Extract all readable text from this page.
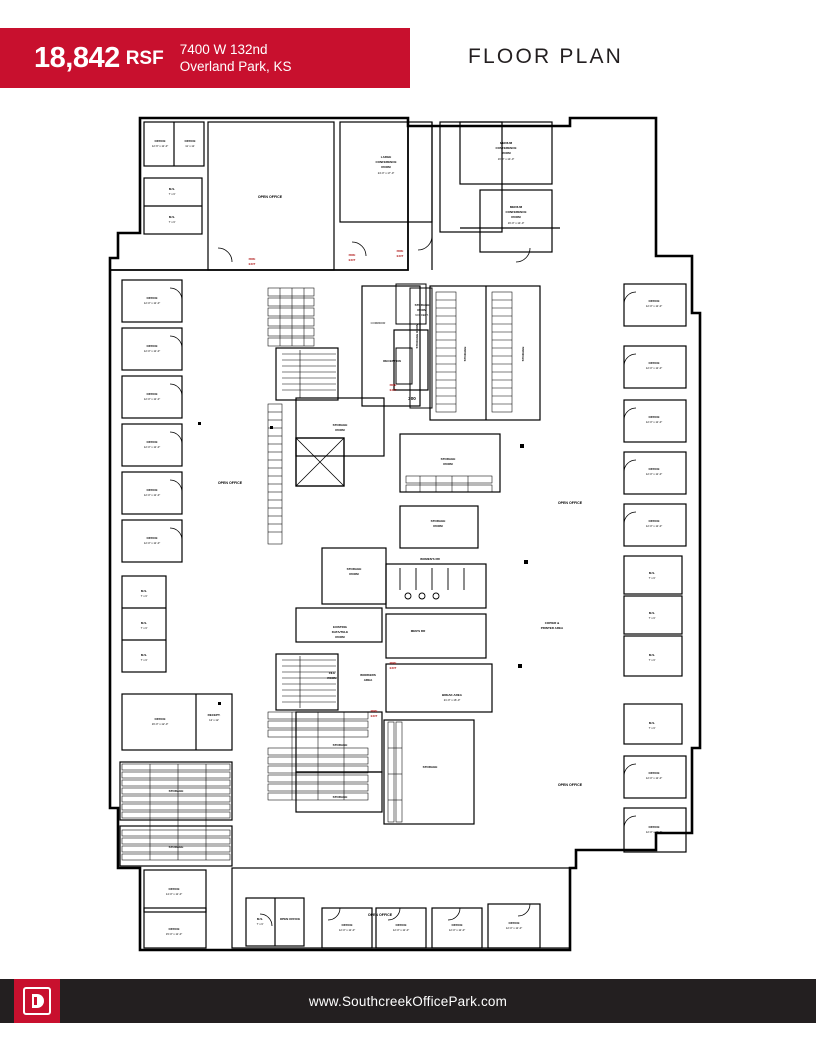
18,842 RSF 7400 W 132nd
Overland Park, KS	FLOOR PLAN
OFFICE
12'-6" x 11'-0"
OFFICE
11' x 11'
M.S.
7' x 6'
M.S.
7' x 6'
OPEN OFFICE
LARGE
CONFERENCE
ROOM
24'-0" x 17'-0"
MEDIUM
CONFERENCE
ROOM
16'-0" x 14'-0"
MEDIUM
CONFERENCE
ROOM
16'-0" x 14'-0"
OFFICE
12'-0" x 11'-0"
OFFICE
12'-0" x 11'-0"
OFFICE
12'-0" x 11'-0"
OFFICE
12'-0" x 11'-0"
OFFICE
12'-0" x 11'-0"
OFFICE
12'-0" x 11'-0"
M.S.
7' x 6'
M.S.
7' x 6'
M.S.
7' x 6'
OFFICE
16'-0" x 12'-0"
RECEPT.
12' x 12'
STORAGE
STORAGE
OFFICE
14'-0" x 11'-0"
OFFICE
15'-0" x 11'-0"
OPEN OFFICE
OPEN OFFICE
OPEN OFFICE
OPEN OFFICE
RECEPTION
300
CORRIDOR
STORAGE
ROOM
STORAGE
ROOM
STORAGE
ROOM
STORAGE
ROOM
EXISTING
DATA/TELE
ROOM
FILE
ROOM
WORKERS
AREA
STORAGE
STORAGE
STORAGE
STORAGE	STORAGE
STORAGE ROOM
STORAGE
ROOM
NO. DEPT.
WOMEN'S RR
MEN'S RR
BREAK AREA
21'-0" x 16'-0"
COPIER &
PRINTER AREA
OFFICE
12'-0" x 11'-0"
OFFICE
12'-0" x 11'-0"
OFFICE
12'-0" x 11'-0"
OFFICE
12'-0" x 11'-0"
OFFICE
12'-0" x 11'-0"
M.S.
7' x 6'
M.S.
7' x 6'
M.S.
7' x 6'
M.S.
7' x 6'
OFFICE
12'-0" x 11'-0"
OFFICE
12'-0" x 11'-0"
M.S.
7' x 6'
OPEN OFFICE
OFFICE
12'-0" x 11'-0"
OFFICE
12'-0" x 11'-0"
OFFICE
12'-0" x 11'-0"
OFFICE
12'-0" x 11'-0"
FIRE
EXIT
FIRE
EXIT
FIRE
EXIT
FIRE
EXIT
FIRE
EXIT
FIRE
EXIT
www.SouthcreekOfficePark.com
